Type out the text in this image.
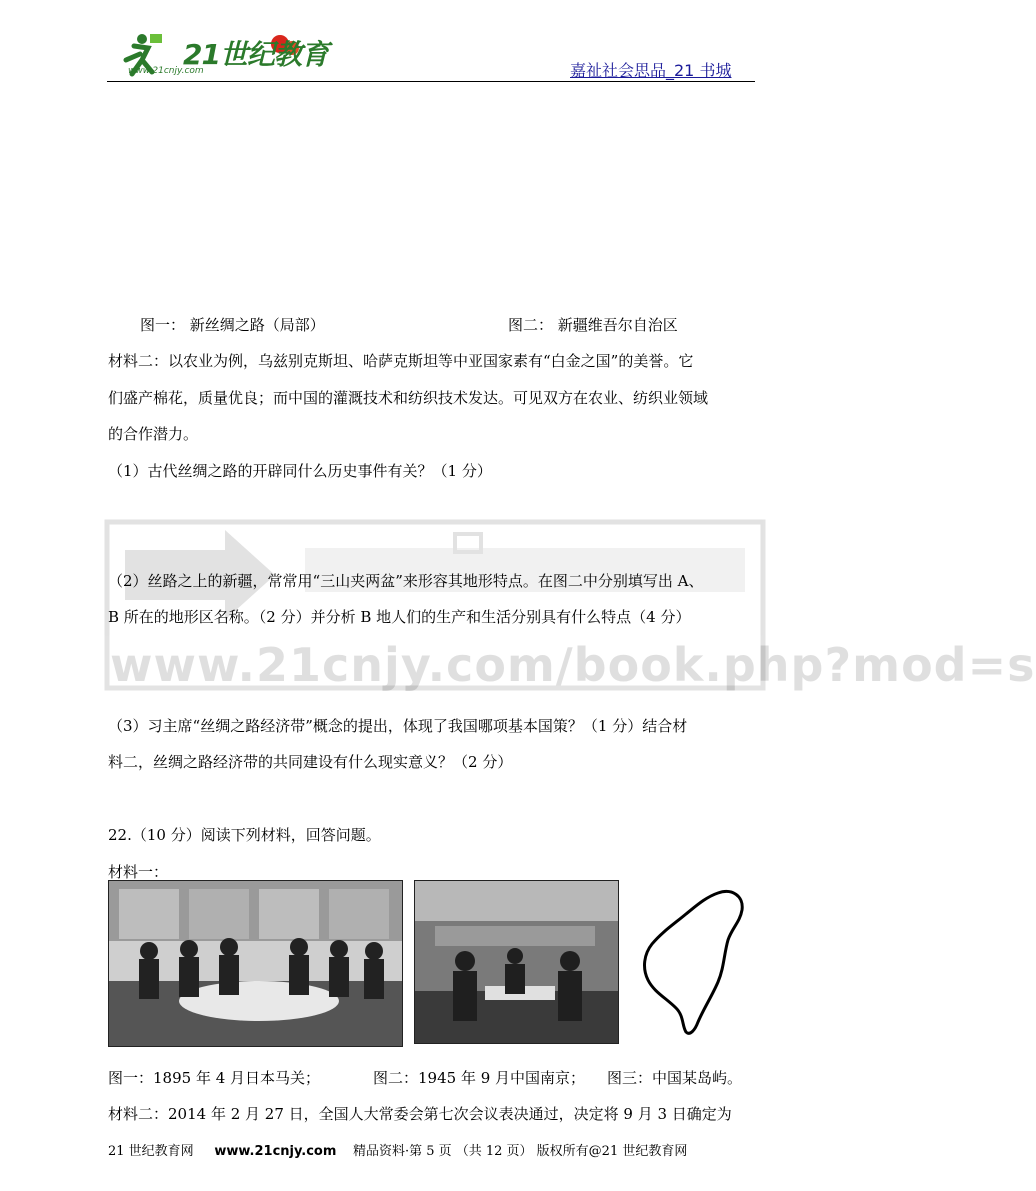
21世纪教育
www.21cnjy.com	嘉祉社会思品_21 书城
图一： 新丝绸之路（局部）	图二： 新疆维吾尔自治区
材料二：以农业为例，乌兹别克斯坦、哈萨克斯坦等中亚国家素有“白金之国”的美誉。它
们盛产棉花，质量优良；而中国的灌溉技术和纺织技术发达。可见双方在农业、纺织业领域
的合作潜力。
（1）古代丝绸之路的开辟同什么历史事件有关？（1 分）
www.21cnjy.com/book.php?mod=s
（2）丝路之上的新疆，常常用“三山夹两盆”来形容其地形特点。在图二中分别填写出 A、
B 所在的地形区名称。（2 分）并分析 B 地人们的生产和生活分别具有什么特点（4 分）
（3）习主席“丝绸之路经济带”概念的提出，体现了我国哪项基本国策？（1 分）结合材
料二，丝绸之路经济带的共同建设有什么现实意义？（2 分）
22.（10 分）阅读下列材料，回答问题。
材料一：
图一：1895 年 4 月日本马关；	图二：1945 年 9 月中国南京； 图三：中国某岛屿。
材料二：2014 年 2 月 27 日，全国人大常委会第七次会议表决通过，决定将 9 月 3 日确定为
21 世纪教育网 www.21cnjy.com 精品资料·第 5 页 （共 12 页） 版权所有@21 世纪教育网
